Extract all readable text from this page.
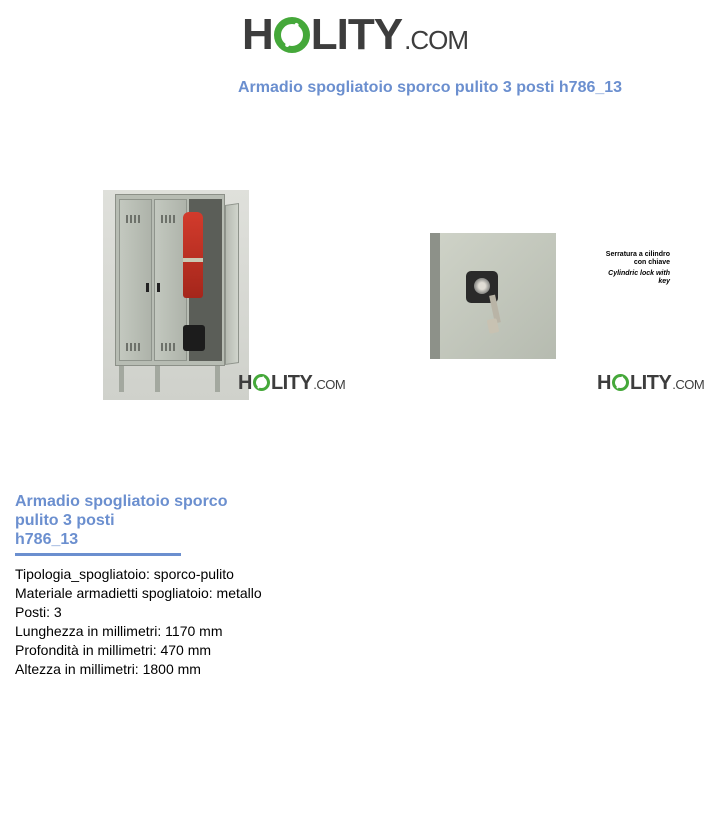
H LITY .COM
Armadio spogliatoio sporco pulito 3 posti h786_13
H LITY .COM
Serratura a cilindro
con chiave
Cylindric lock with
key
H LITY .COM
Armadio spogliatoio sporco
pulito 3 posti
h786_13
Tipologia_spogliatoio: sporco-pulito
Materiale armadietti spogliatoio: metallo
Posti: 3
Lunghezza in millimetri: 1170 mm
Profondità in millimetri: 470 mm
Altezza in millimetri: 1800 mm
